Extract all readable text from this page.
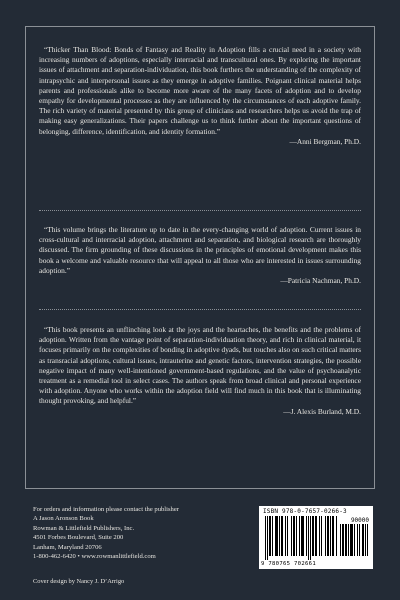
“Thicker Than Blood: Bonds of Fantasy and Reality in Adoption fills a crucial need in a society with increasing numbers of adoptions, especially interracial and transcultural ones. By exploring the important issues of attachment and separation-individuation, this book furthers the understanding of the complexity of intrapsychic and interpersonal issues as they emerge in adoptive families. Poignant clinical material helps parents and professionals alike to become more aware of the many facets of adoption and to develop empathy for developmental processes as they are influenced by the circumstances of each adoptive family. The rich variety of material presented by this group of clinicians and researchers helps us avoid the trap of making easy generalizations. Their papers challenge us to think further about the important questions of belonging, difference, identification, and identity formation.”

—Anni Bergman, Ph.D.

“This volume brings the literature up to date in the every-changing world of adoption. Current issues in cross-cultural and interracial adoption, attachment and separation, and biological research are thoroughly discussed. The firm grounding of these discussions in the principles of emotional development makes this book a welcome and valuable resource that will appeal to all those who are interested in issues surrounding adoption.”

—Patricia Nachman, Ph.D.

“This book presents an unflinching look at the joys and the heartaches, the benefits and the problems of adoption. Written from the vantage point of separation-individuation theory, and rich in clinical material, it focuses primarily on the complexities of bonding in adoptive dyads, but touches also on such critical matters as transracial adoptions, cultural issues, intrauterine and genetic factors, intervention strategies, the possible negative impact of many well-intentioned government-based regulations, and the value of psychoanalytic treatment as a remedial tool in select cases. The authors speak from broad clinical and personal experience with adoption. Anyone who works within the adoption field will find much in this book that is illuminating thought provoking, and helpful.”

—J. Alexis Burland, M.D.

For orders and information please contact the publisher
A Jason Aronson Book
Rowman & Littlefield Publishers, Inc.
4501 Forbes Boulevard, Suite 200
Lanham, Maryland 20706
1-800-462-6420 • www.rowmanlittlefield.com
Cover design by Nancy J. D’Arrigo
ISBN 978-0-7657-0266-3
90000
9 780765 702661
